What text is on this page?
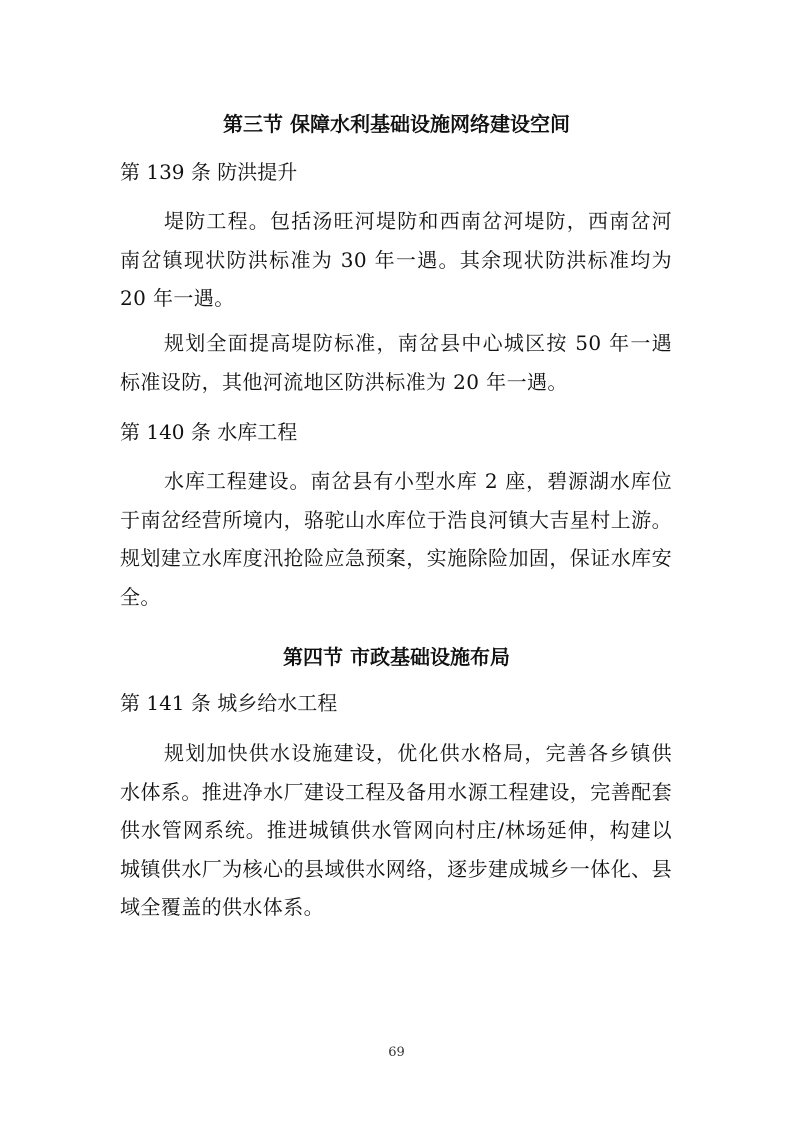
第三节 保障水利基础设施网络建设空间
第 139 条 防洪提升
堤防工程。包括汤旺河堤防和西南岔河堤防，西南岔河南岔镇现状防洪标准为 30 年一遇。其余现状防洪标准均为 20 年一遇。
规划全面提高堤防标准，南岔县中心城区按 50 年一遇标准设防，其他河流地区防洪标准为 20 年一遇。
第 140 条 水库工程
水库工程建设。南岔县有小型水库 2 座，碧源湖水库位于南岔经营所境内，骆驼山水库位于浩良河镇大吉星村上游。规划建立水库度汛抢险应急预案，实施除险加固，保证水库安全。
第四节 市政基础设施布局
第 141 条 城乡给水工程
规划加快供水设施建设，优化供水格局，完善各乡镇供水体系。推进净水厂建设工程及备用水源工程建设，完善配套供水管网系统。推进城镇供水管网向村庄/林场延伸，构建以城镇供水厂为核心的县域供水网络，逐步建成城乡一体化、县域全覆盖的供水体系。
69
